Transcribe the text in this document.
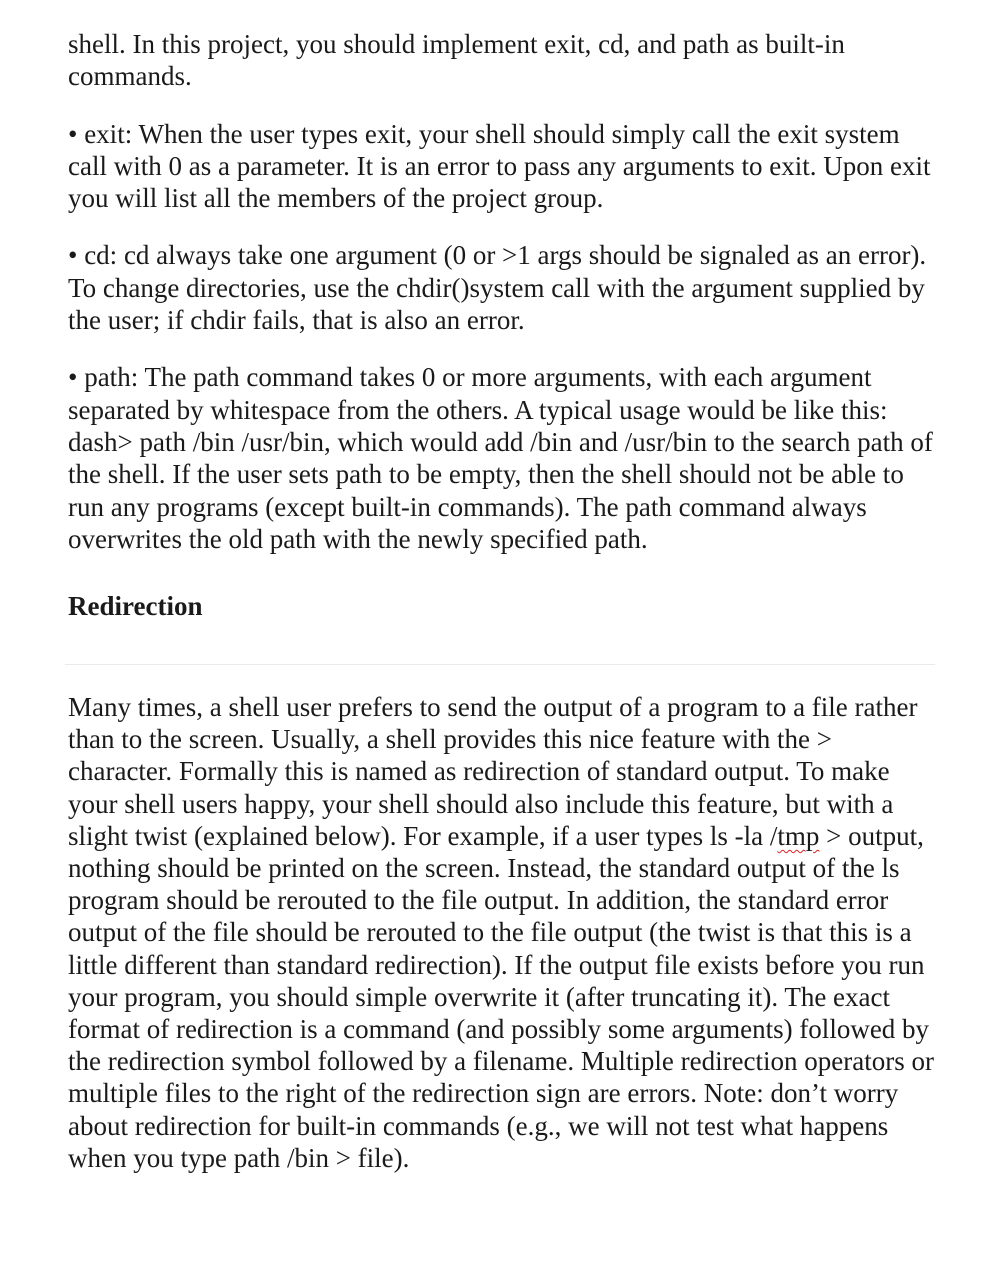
shell. In this project, you should implement exit, cd, and path as built-in commands.

• exit: When the user types exit, your shell should simply call the exit system call with 0 as a parameter. It is an error to pass any arguments to exit. Upon exit you will list all the members of the project group.

• cd: cd always take one argument (0 or >1 args should be signaled as an error). To change directories, use the chdir()system call with the argument supplied by the user; if chdir fails, that is also an error.

• path: The path command takes 0 or more arguments, with each argument separated by whitespace from the others. A typical usage would be like this: dash> path /bin /usr/bin, which would add /bin and /usr/bin to the search path of the shell. If the user sets path to be empty, then the shell should not be able to run any programs (except built-in commands). The path command always overwrites the old path with the newly specified path.

Redirection

Many times, a shell user prefers to send the output of a program to a file rather than to the screen. Usually, a shell provides this nice feature with the > character. Formally this is named as redirection of standard output. To make your shell users happy, your shell should also include this feature, but with a slight twist (explained below). For example, if a user types ls -la /tmp > output, nothing should be printed on the screen. Instead, the standard output of the ls program should be rerouted to the file output. In addition, the standard error output of the file should be rerouted to the file output (the twist is that this is a little different than standard redirection). If the output file exists before you run your program, you should simple overwrite it (after truncating it). The exact format of redirection is a command (and possibly some arguments) followed by the redirection symbol followed by a filename. Multiple redirection operators or multiple files to the right of the redirection sign are errors. Note: don’t worry about redirection for built-in commands (e.g., we will not test what happens when you type path /bin > file).
